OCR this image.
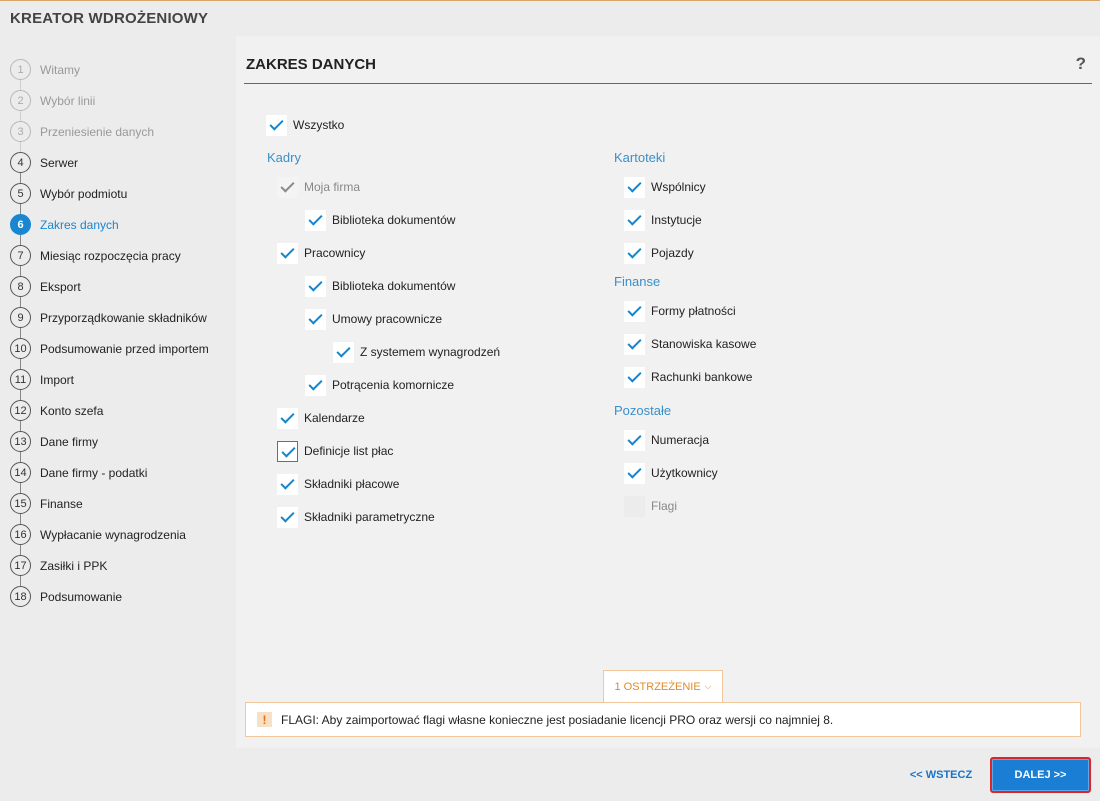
KREATOR WDROŻENIOWY
1	Witamy
2	Wybór linii
3	Przeniesienie danych
4	Serwer
5	Wybór podmiotu
6	Zakres danych
7	Miesiąc rozpoczęcia pracy
8	Eksport
9	Przyporządkowanie składników
10	Podsumowanie przed importem
11	Import
12	Konto szefa
13	Dane firmy
14	Dane firmy - podatki
15	Finanse
16	Wypłacanie wynagrodzenia
17	Zasiłki i PPK
18	Podsumowanie
ZAKRES DANYCH	?
Wszystko
Kadry
Moja firma
Biblioteka dokumentów
Pracownicy
Biblioteka dokumentów
Umowy pracownicze
Z systemem wynagrodzeń
Potrącenia komornicze
Kalendarze
Definicje list płac
Składniki płacowe
Składniki parametryczne
Kartoteki
Wspólnicy
Instytucje
Pojazdy
Finanse
Formy płatności
Stanowiska kasowe
Rachunki bankowe
Pozostałe
Numeracja
Użytkownicy
Flagi
1 OSTRZEŻENIE ⌵
!	FLAGI: Aby zaimportować flagi własne konieczne jest posiadanie licencji PRO oraz wersji co najmniej 8.
<< WSTECZ	DALEJ >>
